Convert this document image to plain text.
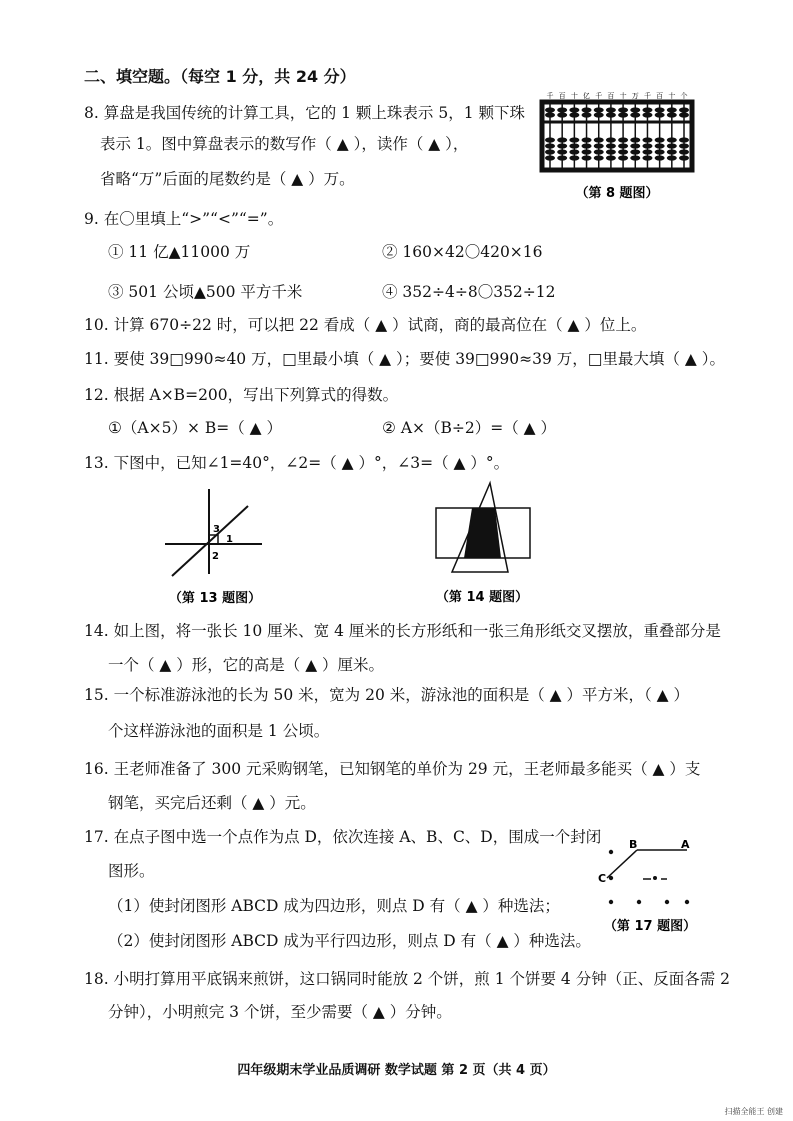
二、填空题。（每空 1 分，共 24 分）
8. 算盘是我国传统的计算工具，它的 1 颗上珠表示 5，1 颗下珠
表示 1。图中算盘表示的数写作（ ▲ ），读作（ ▲ ），
省略“万”后面的尾数约是（ ▲ ）万。
千 百 十 亿 千 百 十 万 千 百 十 个
（第 8 题图）
9. 在〇里填上“>”“<”“=”。
① 11 亿▲11000 万	② 160×42〇420×16
③ 501 公顷▲500 平方千米	④ 352÷4÷8〇352÷12
10. 计算 670÷22 时，可以把 22 看成（ ▲ ）试商，商的最高位在（ ▲ ）位上。
11. 要使 39□990≈40 万，□里最小填（ ▲ ）；要使 39□990≈39 万，□里最大填（ ▲ ）。
12. 根据 A×B=200，写出下列算式的得数。
①（A×5）× B=（ ▲ ）	② A×（B÷2）=（ ▲ ）
13. 下图中，已知∠1=40°，∠2=（ ▲ ）°，∠3=（ ▲ ）°。
3
1
2
（第 13 题图）	（第 14 题图）
14. 如上图，将一张长 10 厘米、宽 4 厘米的长方形纸和一张三角形纸交叉摆放，重叠部分是
一个（ ▲ ）形，它的高是（ ▲ ）厘米。
15. 一个标准游泳池的长为 50 米，宽为 20 米，游泳池的面积是（ ▲ ）平方米，（ ▲ ）
个这样游泳池的面积是 1 公顷。
16. 王老师准备了 300 元采购钢笔，已知钢笔的单价为 29 元，王老师最多能买（ ▲ ）支
钢笔，买完后还剩（ ▲ ）元。
17. 在点子图中选一个点作为点 D，依次连接 A、B、C、D，围成一个封闭
图形。
（1）使封闭图形 ABCD 成为四边形，则点 D 有（ ▲ ）种选法；
（2）使封闭图形 ABCD 成为平行四边形，则点 D 有（ ▲ ）种选法。
B	A
C
（第 17 题图）
18. 小明打算用平底锅来煎饼，这口锅同时能放 2 个饼，煎 1 个饼要 4 分钟（正、反面各需 2
分钟），小明煎完 3 个饼，至少需要（ ▲ ）分钟。
四年级期末学业品质调研 数学试题 第 2 页（共 4 页）
扫描全能王 创建
